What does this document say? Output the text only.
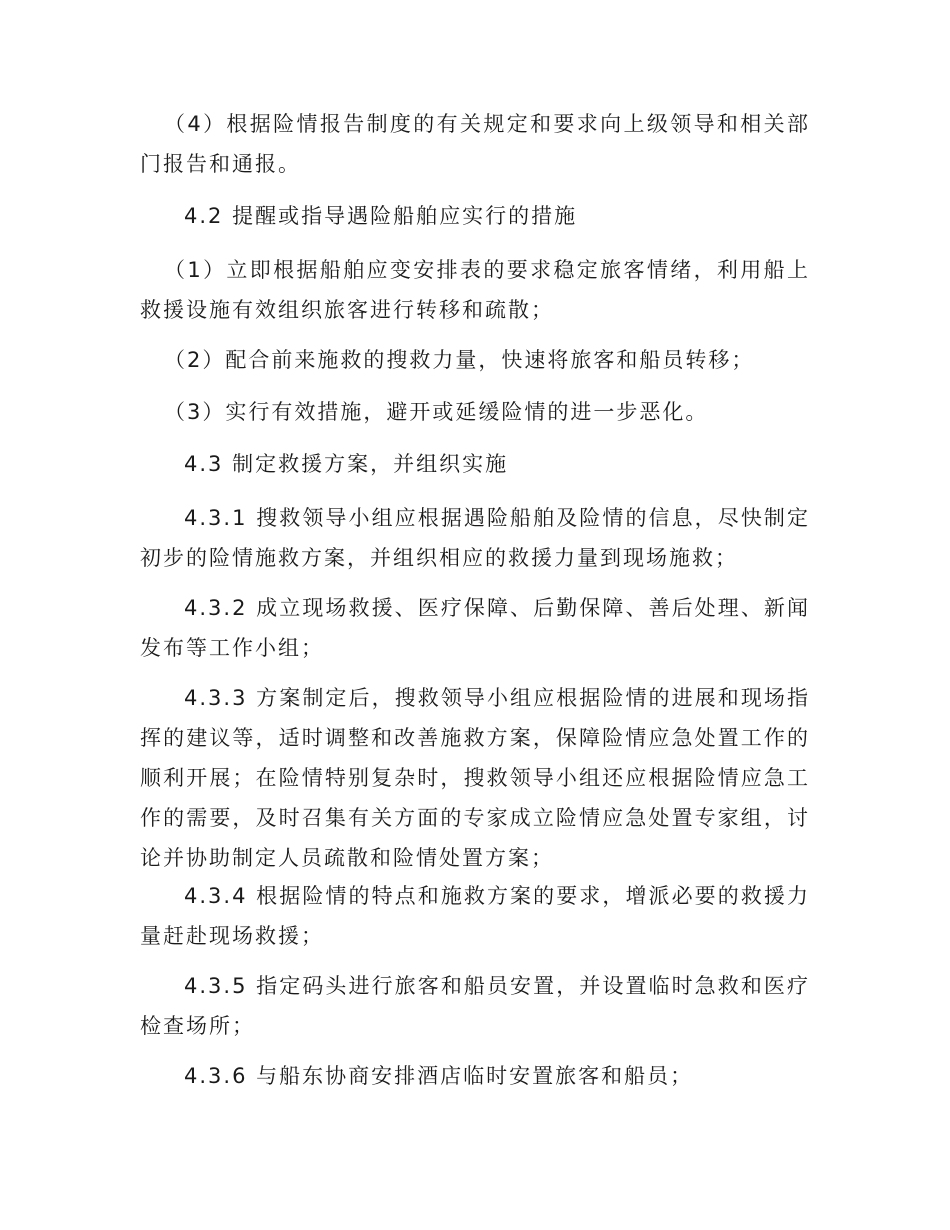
（4）根据险情报告制度的有关规定和要求向上级领导和相关部门报告和通报。

4.2 提醒或指导遇险船舶应实行的措施

（1）立即根据船舶应变安排表的要求稳定旅客情绪，利用船上救援设施有效组织旅客进行转移和疏散；

（2）配合前来施救的搜救力量，快速将旅客和船员转移；

（3）实行有效措施，避开或延缓险情的进一步恶化。

4.3 制定救援方案，并组织实施

4.3.1 搜救领导小组应根据遇险船舶及险情的信息，尽快制定初步的险情施救方案，并组织相应的救援力量到现场施救；

4.3.2 成立现场救援、医疗保障、后勤保障、善后处理、新闻发布等工作小组；

4.3.3 方案制定后，搜救领导小组应根据险情的进展和现场指挥的建议等，适时调整和改善施救方案，保障险情应急处置工作的顺利开展；在险情特别复杂时，搜救领导小组还应根据险情应急工作的需要，及时召集有关方面的专家成立险情应急处置专家组，讨论并协助制定人员疏散和险情处置方案；

4.3.4 根据险情的特点和施救方案的要求，增派必要的救援力量赶赴现场救援；

4.3.5 指定码头进行旅客和船员安置，并设置临时急救和医疗检查场所；

4.3.6 与船东协商安排酒店临时安置旅客和船员；
